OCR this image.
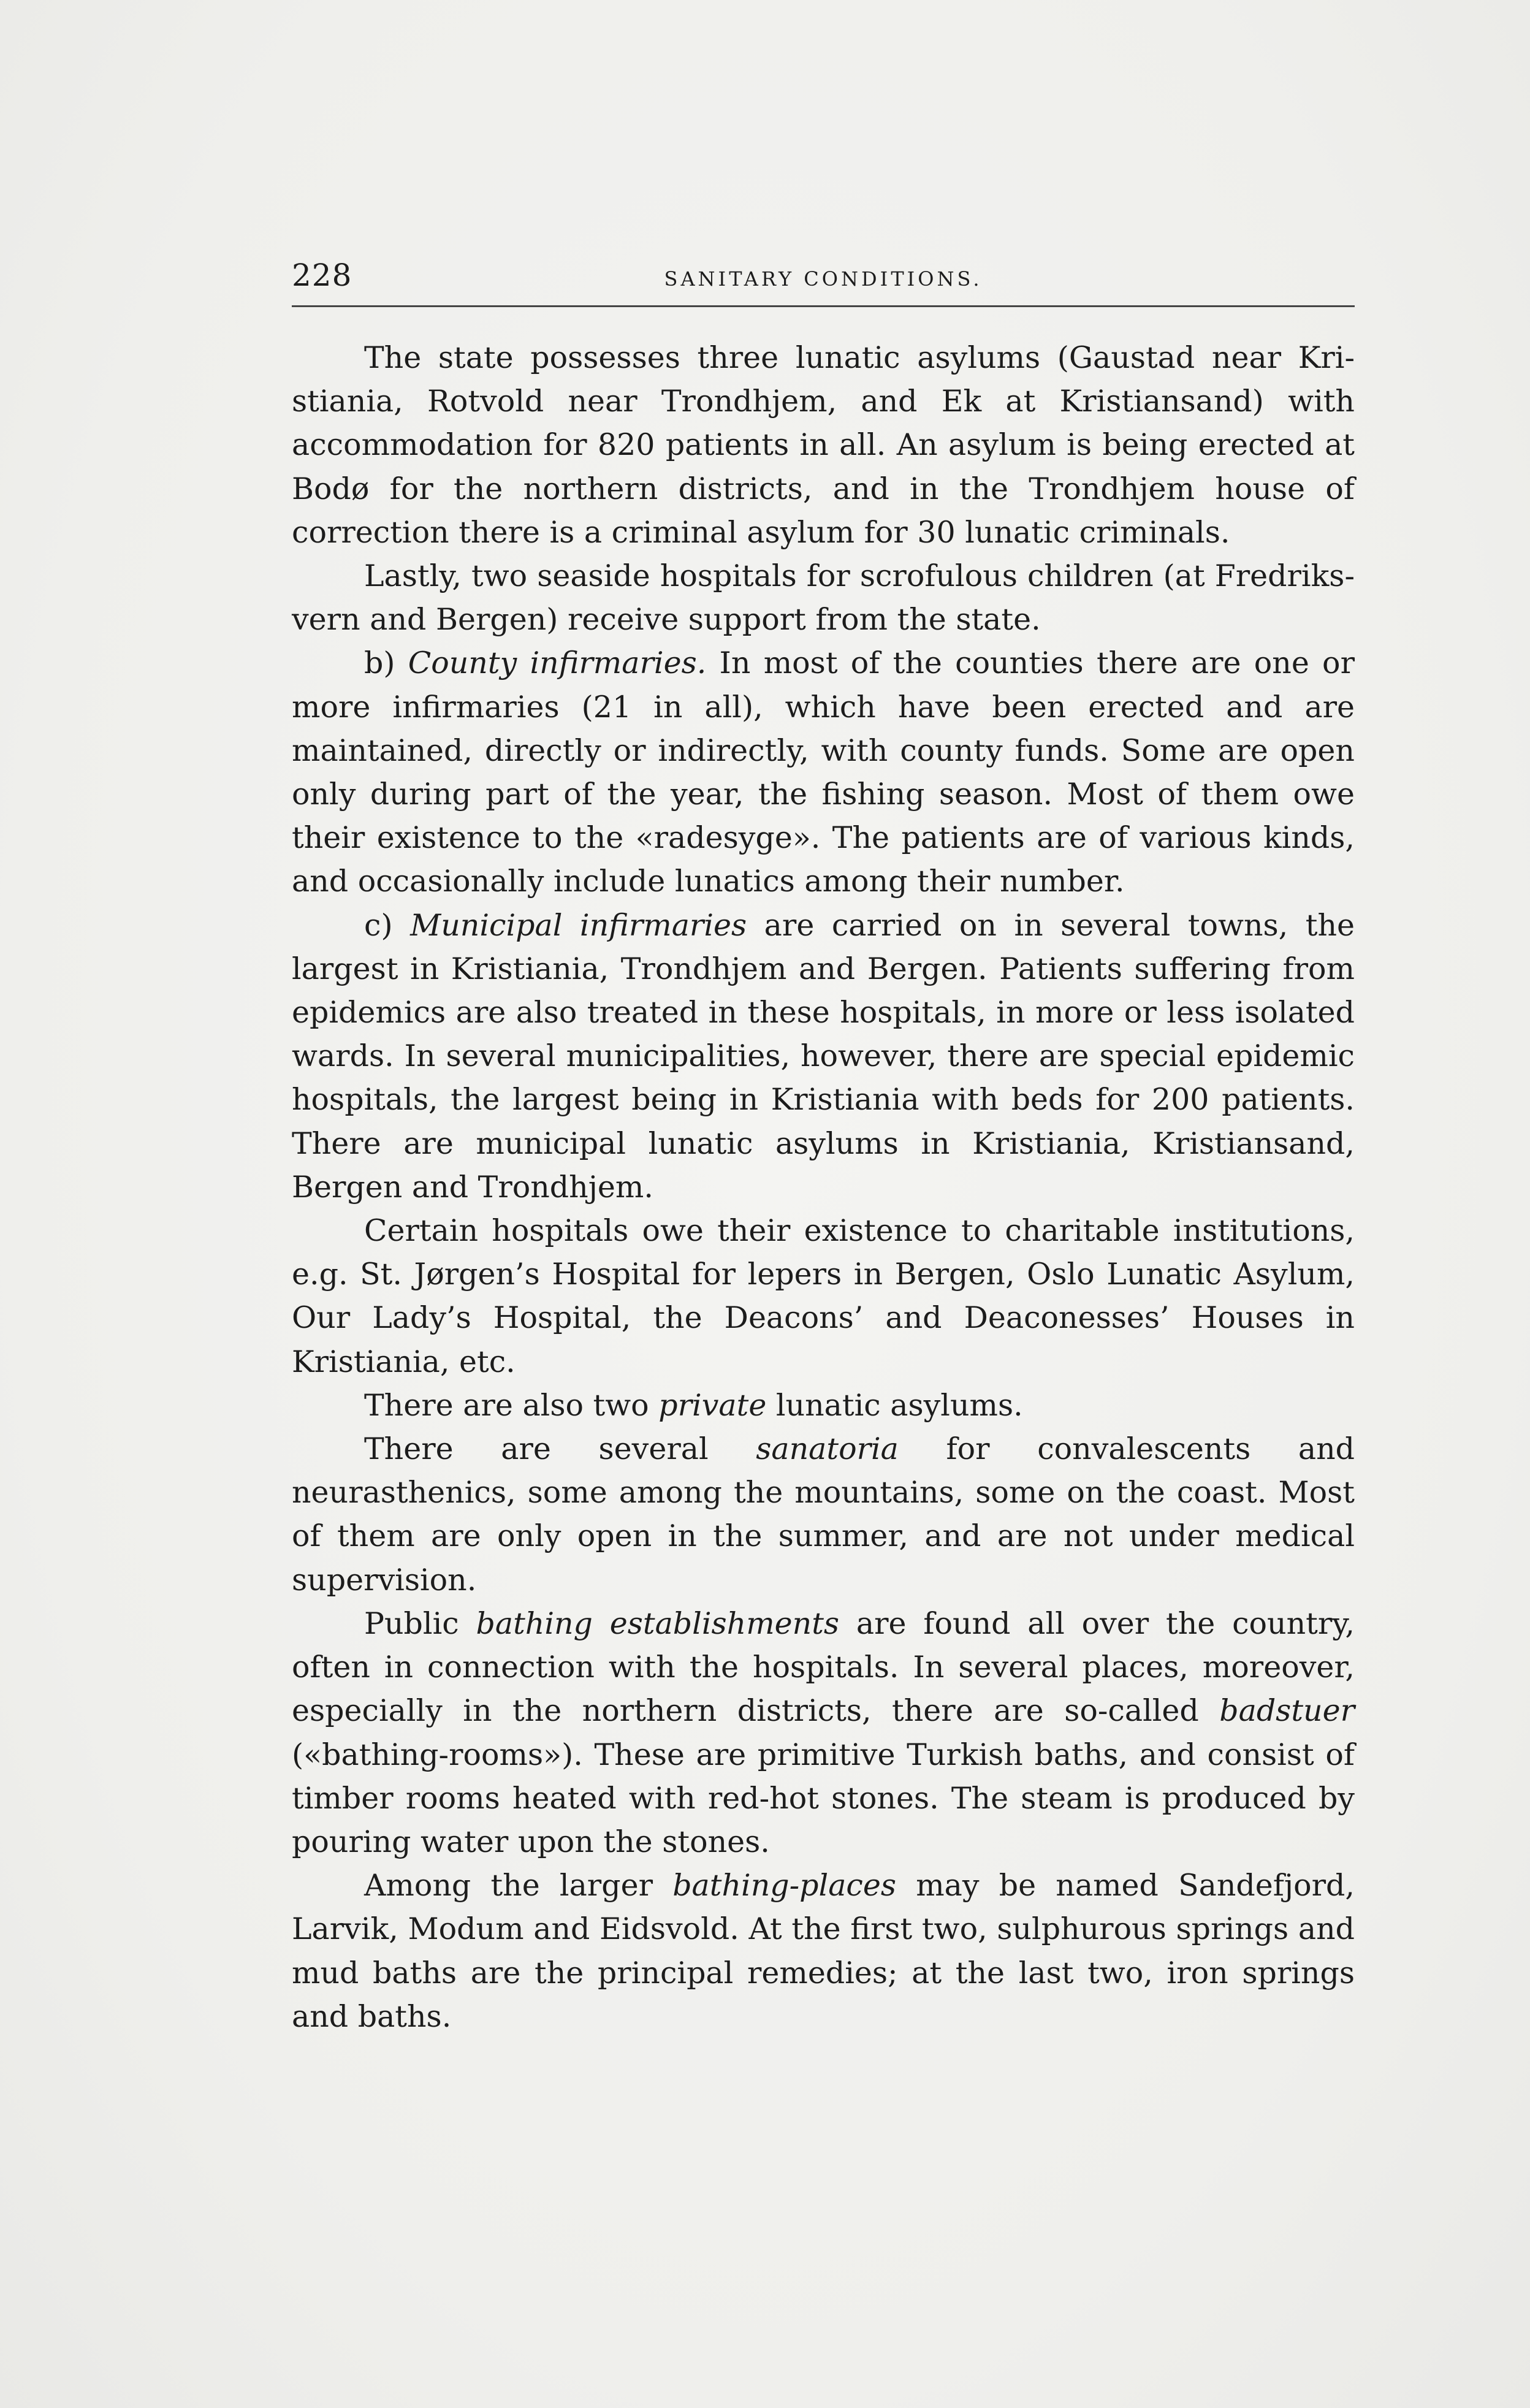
228	SANITARY CONDITIONS.

The state possesses three lunatic asylums (Gaustad near Kristiania, Rotvold near Trondhjem, and Ek at Kristiansand) with accommodation for 820 patients in all. An asylum is being erected at Bodø for the northern districts, and in the Trondhjem house of correction there is a criminal asylum for 30 lunatic criminals.

Lastly, two seaside hospitals for scrofulous children (at Fredriksvern and Bergen) receive support from the state.

b) County infirmaries. In most of the counties there are one or more infirmaries (21 in all), which have been erected and are maintained, directly or indirectly, with county funds. Some are open only during part of the year, the fishing season. Most of them owe their existence to the «radesyge». The patients are of various kinds, and occasionally include lunatics among their number.

c) Municipal infirmaries are carried on in several towns, the largest in Kristiania, Trondhjem and Bergen. Patients suffering from epidemics are also treated in these hospitals, in more or less isolated wards. In several municipalities, however, there are special epidemic hospitals, the largest being in Kristiania with beds for 200 patients. There are municipal lunatic asylums in Kristiania, Kristiansand, Bergen and Trondhjem.

Certain hospitals owe their existence to charitable institutions, e.g. St. Jørgen’s Hospital for lepers in Bergen, Oslo Lunatic Asylum, Our Lady’s Hospital, the Deacons’ and Deaconesses’ Houses in Kristiania, etc.

There are also two private lunatic asylums.

There are several sanatoria for convalescents and neurasthenics, some among the mountains, some on the coast. Most of them are only open in the summer, and are not under medical supervision.

Public bathing establishments are found all over the country, often in connection with the hospitals. In several places, moreover, especially in the northern districts, there are so-called badstuer («bathing-rooms»). These are primitive Turkish baths, and consist of timber rooms heated with red-hot stones. The steam is produced by pouring water upon the stones.

Among the larger bathing-places may be named Sandefjord, Larvik, Modum and Eidsvold. At the first two, sulphurous springs and mud baths are the principal remedies; at the last two, iron springs and baths.
